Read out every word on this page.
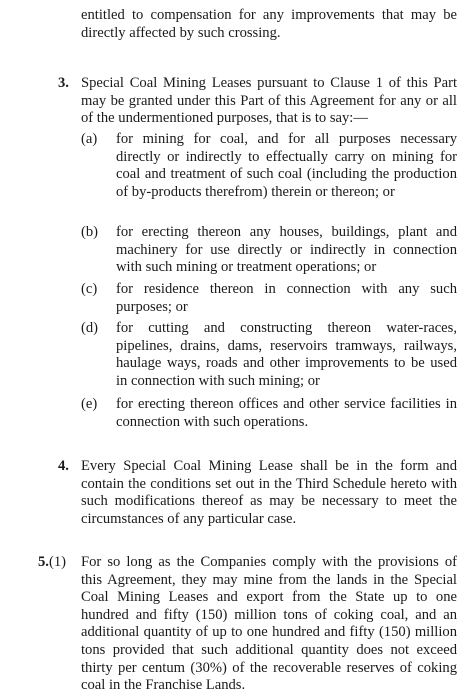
entitled to compensation for any improvements that may be directly affected by such crossing.

3. Special Coal Mining Leases pursuant to Clause 1 of this Part may be granted under this Part of this Agreement for any or all of the undermentioned purposes, that is to say:—

(a) for mining for coal, and for all purposes necessary directly or indirectly to effectually carry on mining for coal and treatment of such coal (including the production of by-products therefrom) therein or thereon; or

(b) for erecting thereon any houses, buildings, plant and machinery for use directly or indirectly in connection with such mining or treatment operations; or

(c) for residence thereon in connection with any such purposes; or

(d) for cutting and constructing thereon water-races, pipelines, drains, dams, reservoirs tramways, railways, haulage ways, roads and other improvements to be used in connection with such mining; or

(e) for erecting thereon offices and other service facilities in connection with such operations.

4. Every Special Coal Mining Lease shall be in the form and contain the conditions set out in the Third Schedule hereto with such modifications thereof as may be necessary to meet the circumstances of any particular case.

5.(1) For so long as the Companies comply with the provisions of this Agreement, they may mine from the lands in the Special Coal Mining Leases and export from the State up to one hundred and fifty (150) million tons of coking coal, and an additional quantity of up to one hundred and fifty (150) million tons provided that such additional quantity does not exceed thirty per centum (30%) of the recoverable reserves of coking coal in the Franchise Lands.
